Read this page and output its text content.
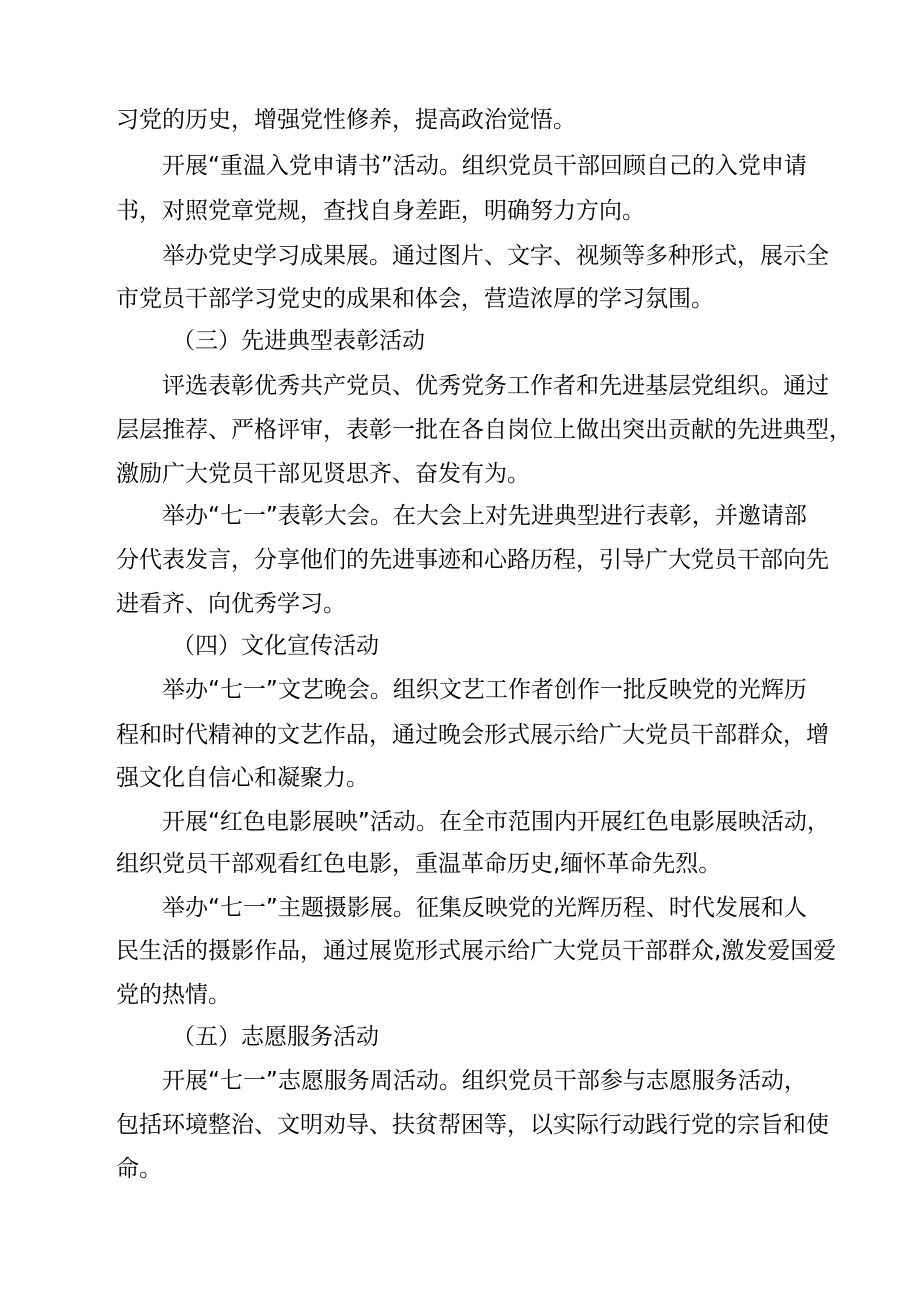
习党的历史，增强党性修养，提高政治觉悟。
开展“重温入党申请书”活动。组织党员干部回顾自己的入党申请
书，对照党章党规，查找自身差距，明确努力方向。
举办党史学习成果展。通过图片、文字、视频等多种形式，展示全
市党员干部学习党史的成果和体会，营造浓厚的学习氛围。
（三）先进典型表彰活动
评选表彰优秀共产党员、优秀党务工作者和先进基层党组织。通过
层层推荐、严格评审，表彰一批在各自岗位上做出突出贡献的先进典型，
激励广大党员干部见贤思齐、奋发有为。
举办“七一”表彰大会。在大会上对先进典型进行表彰，并邀请部
分代表发言，分享他们的先进事迹和心路历程，引导广大党员干部向先
进看齐、向优秀学习。
（四）文化宣传活动
举办“七一”文艺晚会。组织文艺工作者创作一批反映党的光辉历
程和时代精神的文艺作品，通过晚会形式展示给广大党员干部群众，增
强文化自信心和凝聚力。
开展“红色电影展映”活动。在全市范围内开展红色电影展映活动，
组织党员干部观看红色电影，重温革命历史,缅怀革命先烈。
举办“七一”主题摄影展。征集反映党的光辉历程、时代发展和人
民生活的摄影作品，通过展览形式展示给广大党员干部群众,激发爱国爱
党的热情。
（五）志愿服务活动
开展“七一”志愿服务周活动。组织党员干部参与志愿服务活动，
包括环境整治、文明劝导、扶贫帮困等，以实际行动践行党的宗旨和使
命。
